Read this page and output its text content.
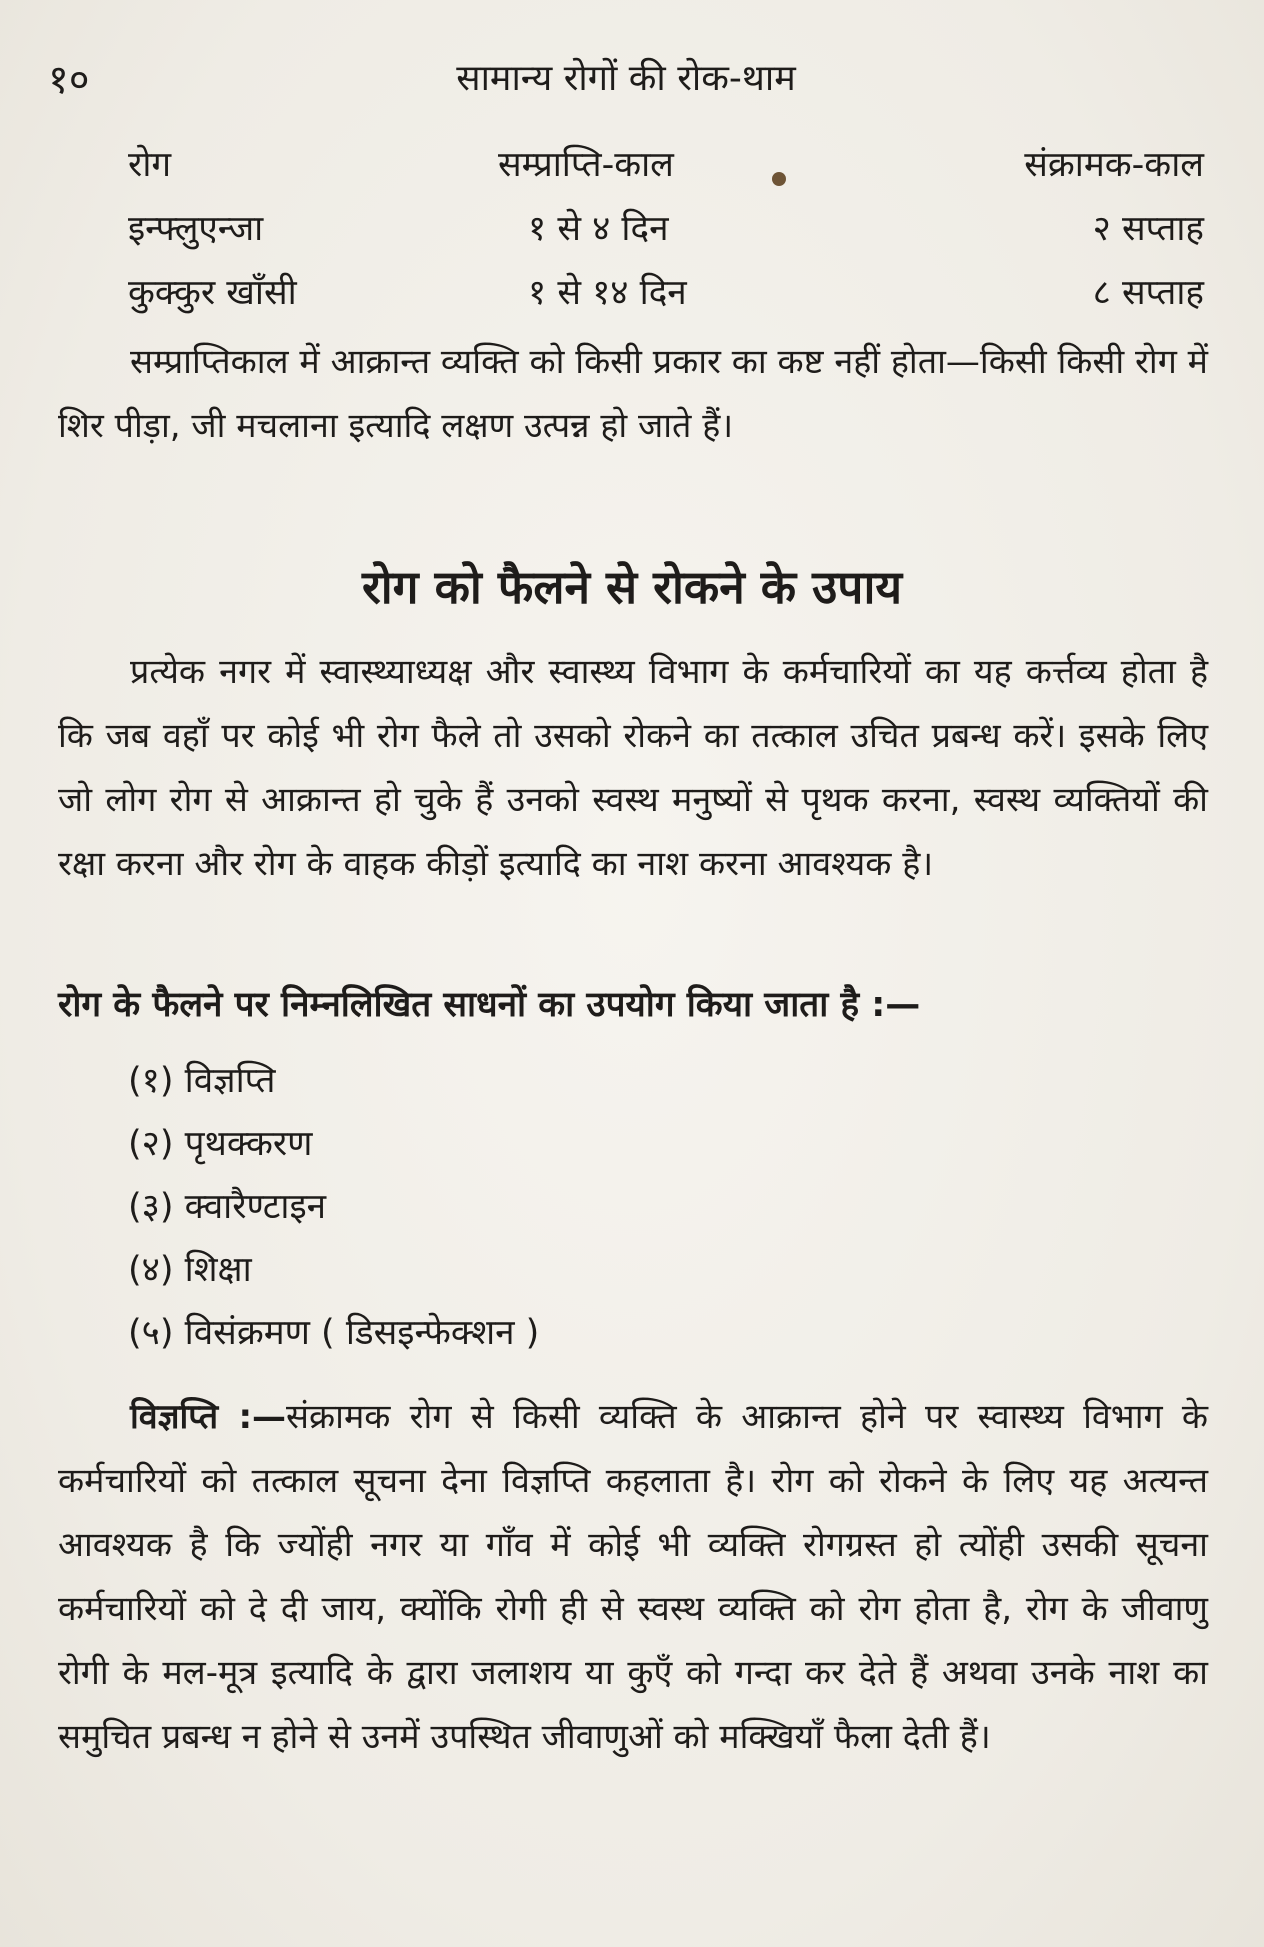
१०	सामान्य रोगों की रोक-थाम
रोग	सम्प्राप्ति-काल	संक्रामक-काल
इन्फ्लुएन्जा	१ से ४ दिन	२ सप्ताह
कुक्कुर खाँसी	१ से १४ दिन	८ सप्ताह

सम्प्राप्तिकाल में आक्रान्त व्यक्ति को किसी प्रकार का कष्ट नहीं होता—किसी किसी रोग में शिर पीड़ा, जी मचलाना इत्यादि लक्षण उत्पन्न हो जाते हैं।

रोग को फैलने से रोकने के उपाय

प्रत्येक नगर में स्वास्थ्याध्यक्ष और स्वास्थ्य विभाग के कर्मचारियों का यह कर्त्तव्य होता है कि जब वहाँ पर कोई भी रोग फैले तो उसको रोकने का तत्काल उचित प्रबन्ध करें। इसके लिए जो लोग रोग से आक्रान्त हो चुके हैं उनको स्वस्थ मनुष्यों से पृथक करना, स्वस्थ व्यक्तियों की रक्षा करना और रोग के वाहक कीड़ों इत्यादि का नाश करना आवश्यक है।

रोग के फैलने पर निम्नलिखित साधनों का उपयोग किया जाता है :—

(१) विज्ञप्ति
(२) पृथक्करण
(३) क्वारैण्टाइन
(४) शिक्षा
(५) विसंक्रमण ( डिसइन्फेक्शन )

विज्ञप्ति :—संक्रामक रोग से किसी व्यक्ति के आक्रान्त होने पर स्वास्थ्य विभाग के कर्मचारियों को तत्काल सूचना देना विज्ञप्ति कहलाता है। रोग को रोकने के लिए यह अत्यन्त आवश्यक है कि ज्योंही नगर या गाँव में कोई भी व्यक्ति रोगग्रस्त हो त्योंही उसकी सूचना कर्मचारियों को दे दी जाय, क्योंकि रोगी ही से स्वस्थ व्यक्ति को रोग होता है, रोग के जीवाणु रोगी के मल-मूत्र इत्यादि के द्वारा जलाशय या कुएँ को गन्दा कर देते हैं अथवा उनके नाश का समुचित प्रबन्ध न होने से उनमें उपस्थित जीवाणुओं को मक्खियाँ फैला देती हैं।
